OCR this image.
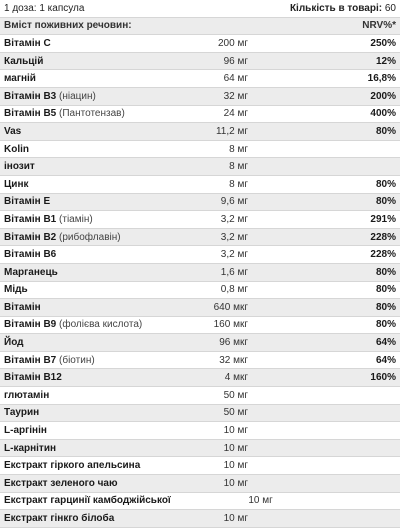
1 доза: 1 капсула	Кількість в товарі: 60
Вміст поживних речовин:	NRV%*
Вітамін С	200 мг	250%
Кальцій	96 мг	12%
магній	64 мг	16,8%
Вітамін В3 (ніацин)	32 мг	200%
Вітамін В5 (Пантотензав)	24 мг	400%
Vas	11,2 мг	80%
Kolin	8 мг
інозит	8 мг
Цинк	8 мг	80%
Вітамін Е	9,6 мг	80%
Вітамін В1 (тіамін)	3,2 мг	291%
Вітамін В2 (рибофлавін)	3,2 мг	228%
Вітамін В6	3,2 мг	228%
Марганець	1,6 мг	80%
Мідь	0,8 мг	80%
Вітамін	640 мкг	80%
Вітамін В9 (фолієва кислота)	160 мкг	80%
Йод	96 мкг	64%
Вітамін В7 (біотин)	32 мкг	64%
Вітамін В12	4 мкг	160%
глютамін	50 мг
Таурин	50 мг
L-аргінін	10 мг
L-карнітин	10 мг
Екстракт гіркого апельсина	10 мг
Екстракт зеленого чаю	10 мг
Екстракт гарцинії камбоджійської	10 мг
Екстракт гінкго білоба	10 мг
